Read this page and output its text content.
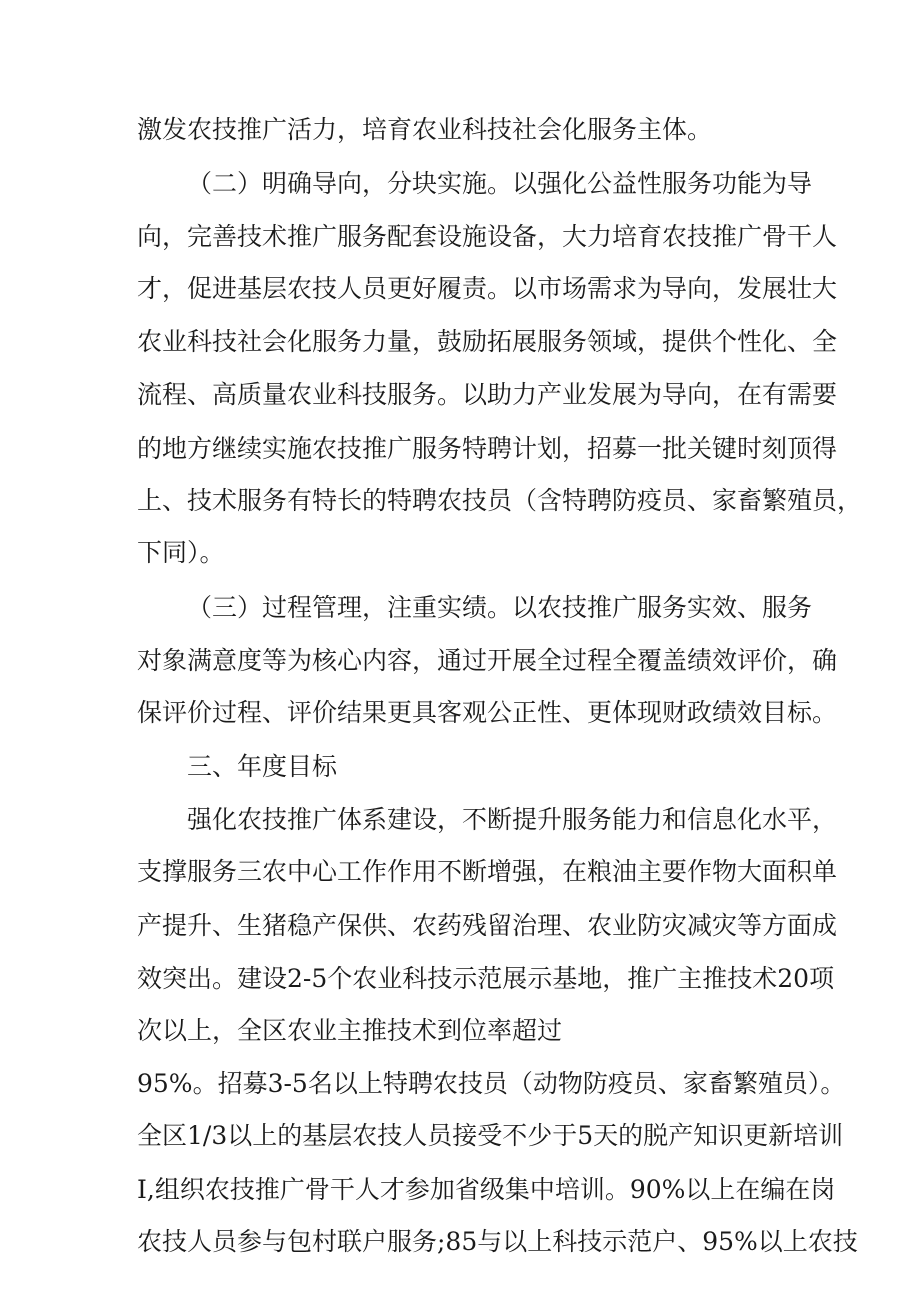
激发农技推广活力，培育农业科技社会化服务主体。
（二）明确导向，分块实施。以强化公益性服务功能为导
向，完善技术推广服务配套设施设备，大力培育农技推广骨干人
才，促进基层农技人员更好履责。以市场需求为导向，发展壮大
农业科技社会化服务力量，鼓励拓展服务领域，提供个性化、全
流程、高质量农业科技服务。以助力产业发展为导向，在有需要
的地方继续实施农技推广服务特聘计划，招募一批关键时刻顶得
上、技术服务有特长的特聘农技员（含特聘防疫员、家畜繁殖员，
下同）。
（三）过程管理，注重实绩。以农技推广服务实效、服务
对象满意度等为核心内容，通过开展全过程全覆盖绩效评价，确
保评价过程、评价结果更具客观公正性、更体现财政绩效目标。
三、年度目标
强化农技推广体系建设，不断提升服务能力和信息化水平，
支撑服务三农中心工作作用不断增强，在粮油主要作物大面积单
产提升、生猪稳产保供、农药残留治理、农业防灾减灾等方面成
效突出。建设2-5个农业科技示范展示基地，推广主推技术20项
次以上，全区农业主推技术到位率超过
95%。招募3-5名以上特聘农技员（动物防疫员、家畜繁殖员）。
全区1/3以上的基层农技人员接受不少于5天的脱产知识更新培训
I,组织农技推广骨干人才参加省级集中培训。90%以上在编在岗
农技人员参与包村联户服务;85与以上科技示范户、95%以上农技
